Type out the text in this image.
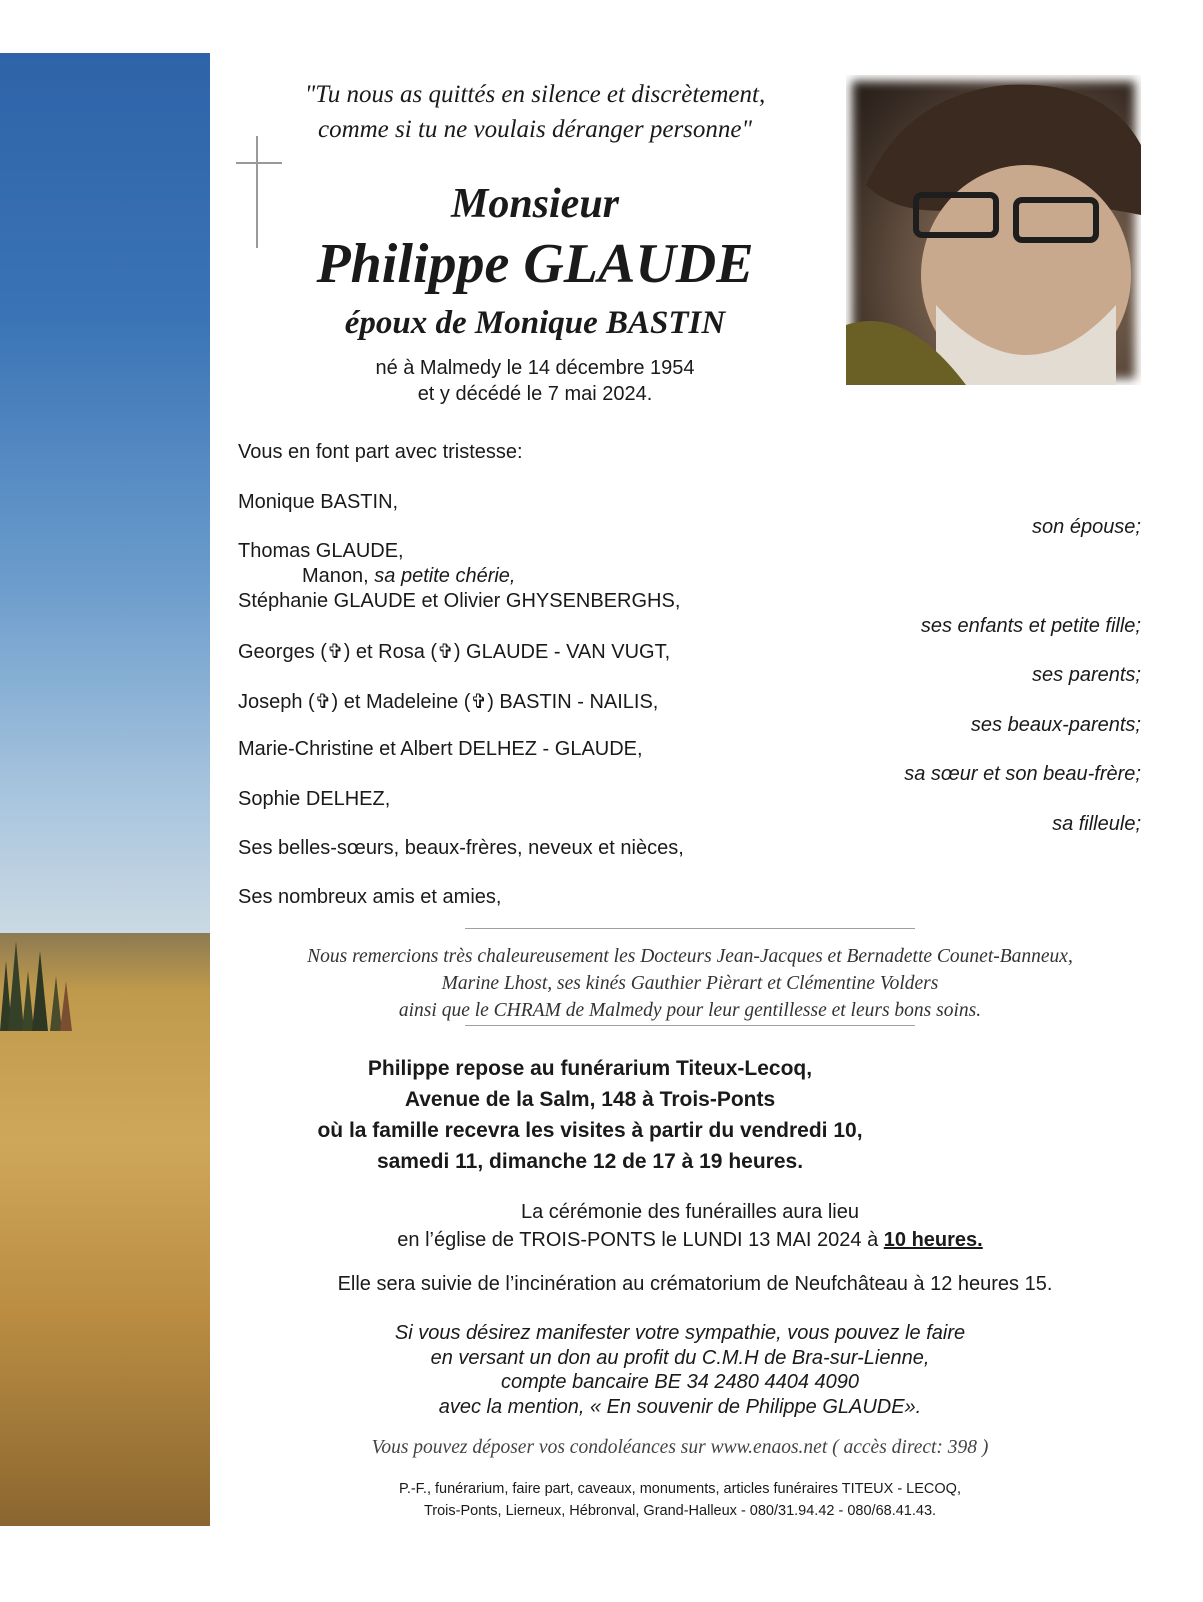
"Tu nous as quittés en silence et discrètement,
comme si tu ne voulais déranger personne"
Monsieur
Philippe GLAUDE
époux de Monique BASTIN
né à Malmedy le 14 décembre 1954
et y décédé le 7 mai 2024.
Vous en font part avec tristesse:
Monique BASTIN,
son épouse;
Thomas GLAUDE,
Manon, sa petite chérie,
Stéphanie GLAUDE et Olivier GHYSENBERGHS,
ses enfants et petite fille;
Georges (✞) et Rosa (✞) GLAUDE - VAN VUGT,
ses parents;
Joseph (✞) et Madeleine (✞) BASTIN - NAILIS,
ses beaux-parents;
Marie-Christine et Albert DELHEZ - GLAUDE,
sa sœur et son beau-frère;
Sophie DELHEZ,
sa filleule;
Ses belles-sœurs, beaux-frères, neveux et nièces,
Ses nombreux amis et amies,
Nous remercions très chaleureusement les Docteurs Jean-Jacques et Bernadette Counet-Banneux,
Marine Lhost, ses kinés Gauthier Pièrart et Clémentine Volders
ainsi que le CHRAM de Malmedy pour leur gentillesse et leurs bons soins.
Philippe repose au funérarium Titeux-Lecoq,
Avenue de la Salm, 148 à Trois-Ponts
où la famille recevra les visites à partir du vendredi 10,
samedi 11, dimanche 12 de 17 à 19 heures.
La cérémonie des funérailles aura lieu
en l’église de TROIS-PONTS le LUNDI 13 MAI 2024 à 10 heures.
Elle sera suivie de l’incinération au crématorium de Neufchâteau à 12 heures 15.
Si vous désirez manifester votre sympathie, vous pouvez le faire
en versant un don au profit du C.M.H de Bra-sur-Lienne,
compte bancaire BE 34 2480 4404 4090
avec la mention, « En souvenir de Philippe GLAUDE».
Vous pouvez déposer vos condoléances sur www.enaos.net ( accès direct: 398 )
P.-F., funérarium, faire part, caveaux, monuments, articles funéraires TITEUX - LECOQ,
Trois-Ponts, Lierneux, Hébronval, Grand-Halleux - 080/31.94.42 - 080/68.41.43.
